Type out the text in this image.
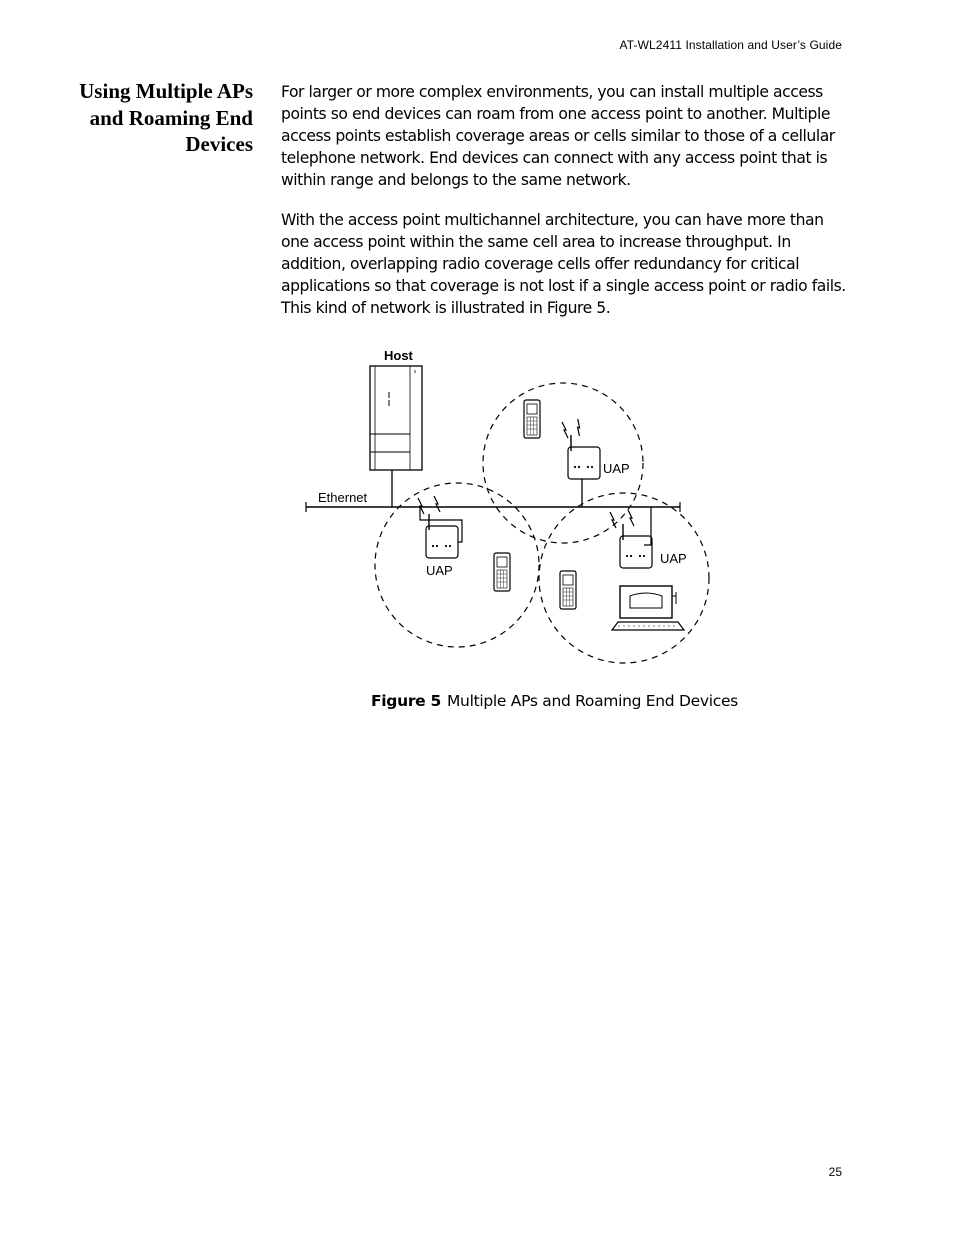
AT-WL2411 Installation and User’s Guide
Using Multiple APs and Roaming End Devices

For larger or more complex environments, you can install multiple access points so end devices can roam from one access point to another. Multiple access points establish coverage areas or cells similar to those of a cellular telephone network. End devices can connect with any access point that is within range and belongs to the same network.

With the access point multichannel architecture, you can have more than one access point within the same cell area to increase throughput. In addition, overlapping radio coverage cells offer redundancy for critical applications so that coverage is not lost if a single access point or radio fails. This kind of network is illustrated in Figure 5.

Host
Ethernet
UAP
UAP
UAP
Figure 5 Multiple APs and Roaming End Devices
25
